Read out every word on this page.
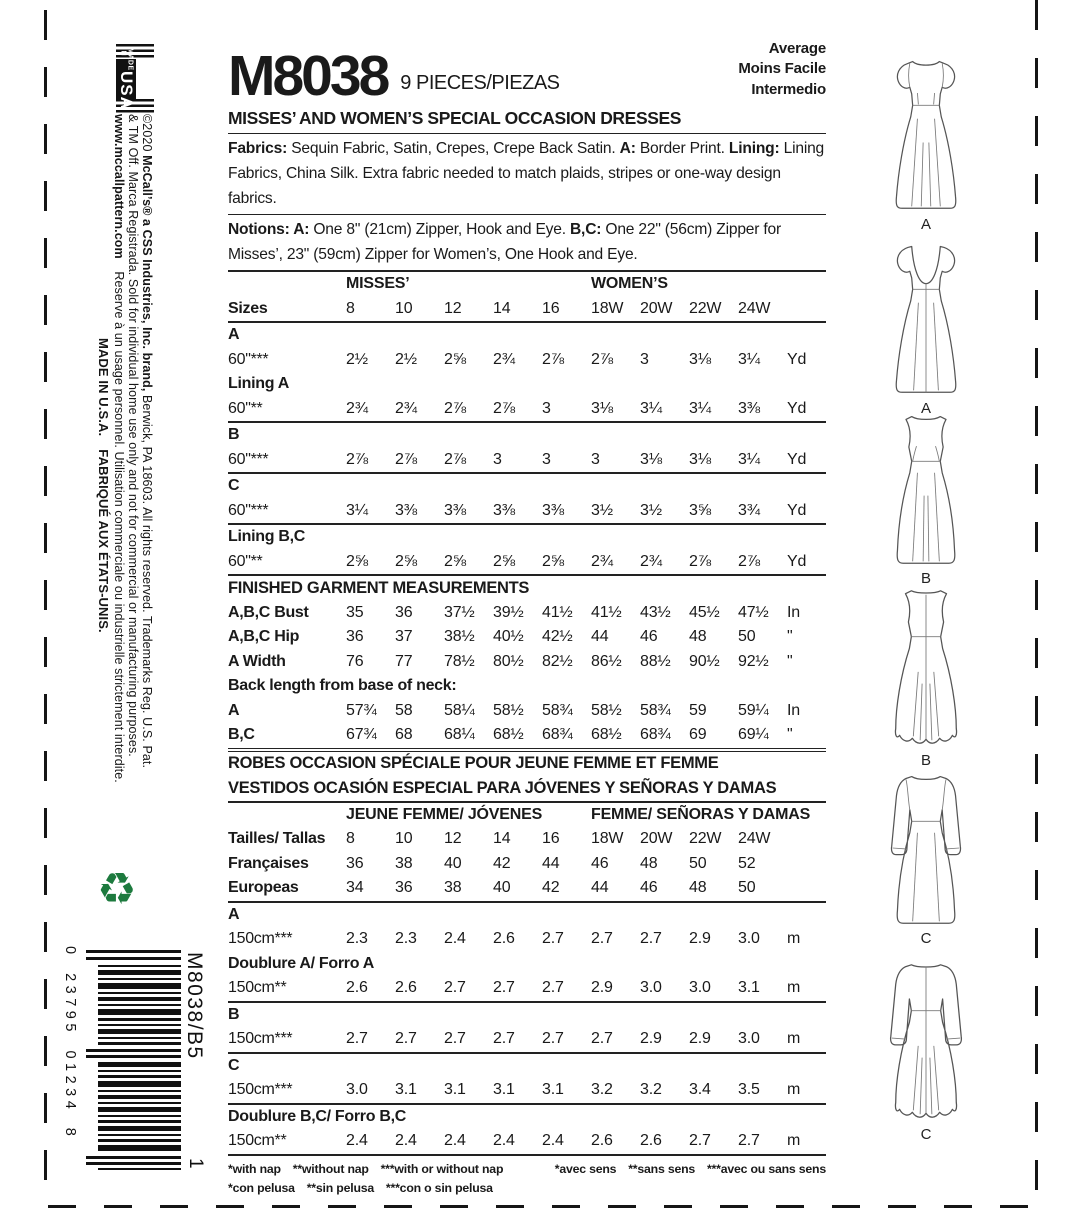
MADE IN
USA
©2020 McCall’s® a CSS Industries, Inc. brand, Berwick, PA 18603. All rights reserved. Trademarks Reg. U.S. Pat.
& TM Off. Marca Registrada. Sold for individual home use only and not for commercial or manufacturing purposes.
www.mccallpattern.com Reserve à un usage personnel. Utilisation commerciale ou industrielle strictement interdite.
MADE IN U.S.A. FABRIQUÉ AUX ÉTATS-UNIS.
♻
0 23795 01234 8	M8038/B5
1
M8038 9 PIECES/PIEZAS
Average
Moins Facile
Intermedio
MISSES’ AND WOMEN’S SPECIAL OCCASION DRESSES

Fabrics: Sequin Fabric, Satin, Crepes, Crepe Back Satin. A: Border Print. Lining: Lining Fabrics, China Silk. Extra fabric needed to match plaids, stripes or one-way design fabrics.

Notions: A: One 8" (21cm) Zipper, Hook and Eye. B,C: One 22" (56cm) Zipper for Misses’, 23" (59cm) Zipper for Women’s, One Hook and Eye.

MISSES’	WOMEN’S
Sizes	8	10	12	14	16	18W	20W	22W	24W
A
60"***	2½	2½	2⅝	2¾	2⅞	2⅞	3	3⅛	3¼	Yd
Lining A
60"**	2¾	2¾	2⅞	2⅞	3	3⅛	3¼	3¼	3⅜	Yd
B
60"***	2⅞	2⅞	2⅞	3	3	3	3⅛	3⅛	3¼	Yd
C
60"***	3¼	3⅜	3⅜	3⅜	3⅜	3½	3½	3⅝	3¾	Yd
Lining B,C
60"**	2⅝	2⅝	2⅝	2⅝	2⅝	2¾	2¾	2⅞	2⅞	Yd
FINISHED GARMENT MEASUREMENTS
A,B,C Bust	35	36	37½	39½	41½	41½	43½	45½	47½	In
A,B,C Hip	36	37	38½	40½	42½	44	46	48	50	"
A Width	76	77	78½	80½	82½	86½	88½	90½	92½	"
Back length from base of neck:
A	57¾	58	58¼	58½	58¾	58½	58¾	59	59¼	In
B,C	67¾	68	68¼	68½	68¾	68½	68¾	69	69¼	"
ROBES OCCASION SPÉCIALE POUR JEUNE FEMME ET FEMME
VESTIDOS OCASIÓN ESPECIAL PARA JÓVENES Y SEÑORAS Y DAMAS
JEUNE FEMME/ JÓVENES	FEMME/ SEÑORAS Y DAMAS
Tailles/ Tallas	8	10	12	14	16	18W	20W	22W	24W
Françaises	36	38	40	42	44	46	48	50	52
Europeas	34	36	38	40	42	44	46	48	50
A
150cm***	2.3	2.3	2.4	2.6	2.7	2.7	2.7	2.9	3.0	m
Doublure A/ Forro A
150cm**	2.6	2.6	2.7	2.7	2.7	2.9	3.0	3.0	3.1	m
B
150cm***	2.7	2.7	2.7	2.7	2.7	2.7	2.9	2.9	3.0	m
C
150cm***	3.0	3.1	3.1	3.1	3.1	3.2	3.2	3.4	3.5	m
Doublure B,C/ Forro B,C
150cm**	2.4	2.4	2.4	2.4	2.4	2.6	2.6	2.7	2.7	m
*with nap  **without nap  ***with or without nap
*con pelusa  **sin pelusa  ***con o sin pelusa
*avec sens  **sans sens  ***avec ou sans sens
A
A
B
B
C
C
